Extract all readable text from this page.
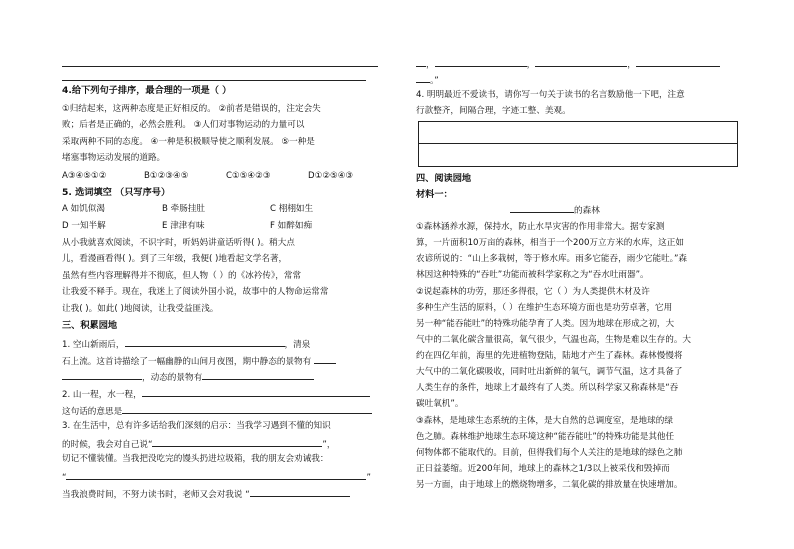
4.给下列句子排序，最合理的一项是（ ）
①归结起来，这两种态度是正好相反的。 ②前者是错误的，注定会失
败；后者是正确的，必然会胜利。 ③人们对事物运动的力量可以
采取两种不同的态度。 ④一种是积极顺导使之顺利发展。 ⑤一种是
堵塞事物运动发展的道路。
A③④⑤①②	B①②③④⑤	C①⑤④②③	D①②⑤④③
5. 选词填空 （只写序号）
A 如饥似渴	B 牵肠挂肚	C 栩栩如生
D 一知半解	E 津津有味	F 如醉如痴
从小我就喜欢阅读，不识字时，听妈妈讲童话听得( )。稍大点
儿，看漫画看得( )。到了三年级，我便( )地看起文学名著，
虽然有些内容理解得并不彻底，但人物（ ）的《冰衿传》，常常
让我爱不释手。现在，我迷上了阅读外国小说，故事中的人物命运常常
让我( )。如此( )地阅读，让我受益匪浅。
三、积累园地
1. 空山新雨后，	，清泉
石上流。这首诗描绘了一幅幽静的山间月夜图，期中静态的景物有
，动态的景物有
2. 山一程，水一程，
这句话的意思是
3. 在生活中，总有许多话给我们深刻的启示：当我学习遇到不懂的知识
的时候，我会对自己说“	”，
切记不懂装懂。当我把没吃完的馒头扔进垃圾箱，我的朋友会劝诫我：
“	”
当我浪费时间，不努力读书时，老师又会对我说 “
，	，	，
。”
4. 明明最近不爱读书，请你写一句关于读书的名言数励他一下吧，注意
行款整齐，间隔合理，字迹工整、美观。
四、阅读园地
材料一：
的森林
①森林涵养水源，保持水，防止水旱灾害的作用非常大。据专家测
算，一片面积10万亩的森林，相当于一个200万立方米的水库，这正如
农谚所说的：“山上多栽树，等于修水库。雨多它能吞，雨少它能吐。”森
林因这种特殊的“吞吐”功能而被科学家称之为“吞水吐雨器”。
②说起森林的功劳，那还多得很，它（ ）为人类提供木材及许
多种生产生活的原料，（ ）在维护生态环境方面也是功劳卓著，它用
另一种“能吞能吐”的特殊功能孕育了人类。因为地球在形成之初，大
气中的二氧化碳含量很高，氧气很少，气温也高，生物是难以生存的。大
约在四亿年前，海里的先进植物登陆，陆地才产生了森林。森林慢慢将
大气中的二氧化碳吸收，同时吐出新鲜的氧气，调节气温，这才具备了
人类生存的条件，地球上才最终有了人类。所以科学家又称森林是“吞
碳吐氧机”。
③森林，是地球生态系统的主体，是大自然的总调度室，是地球的绿
色之肺。森林维护地球生态环境这种“能吞能吐”的特殊功能是其他任
何物体都不能取代的。目前，但得我们每个人关注的是地球的绿色之肺
正日益萎缩。近200年间，地球上的森林之1/3以上被采伐和毁掉而
另一方面，由于地球上的燃烧物增多，二氧化碳的排放量在快速增加。
